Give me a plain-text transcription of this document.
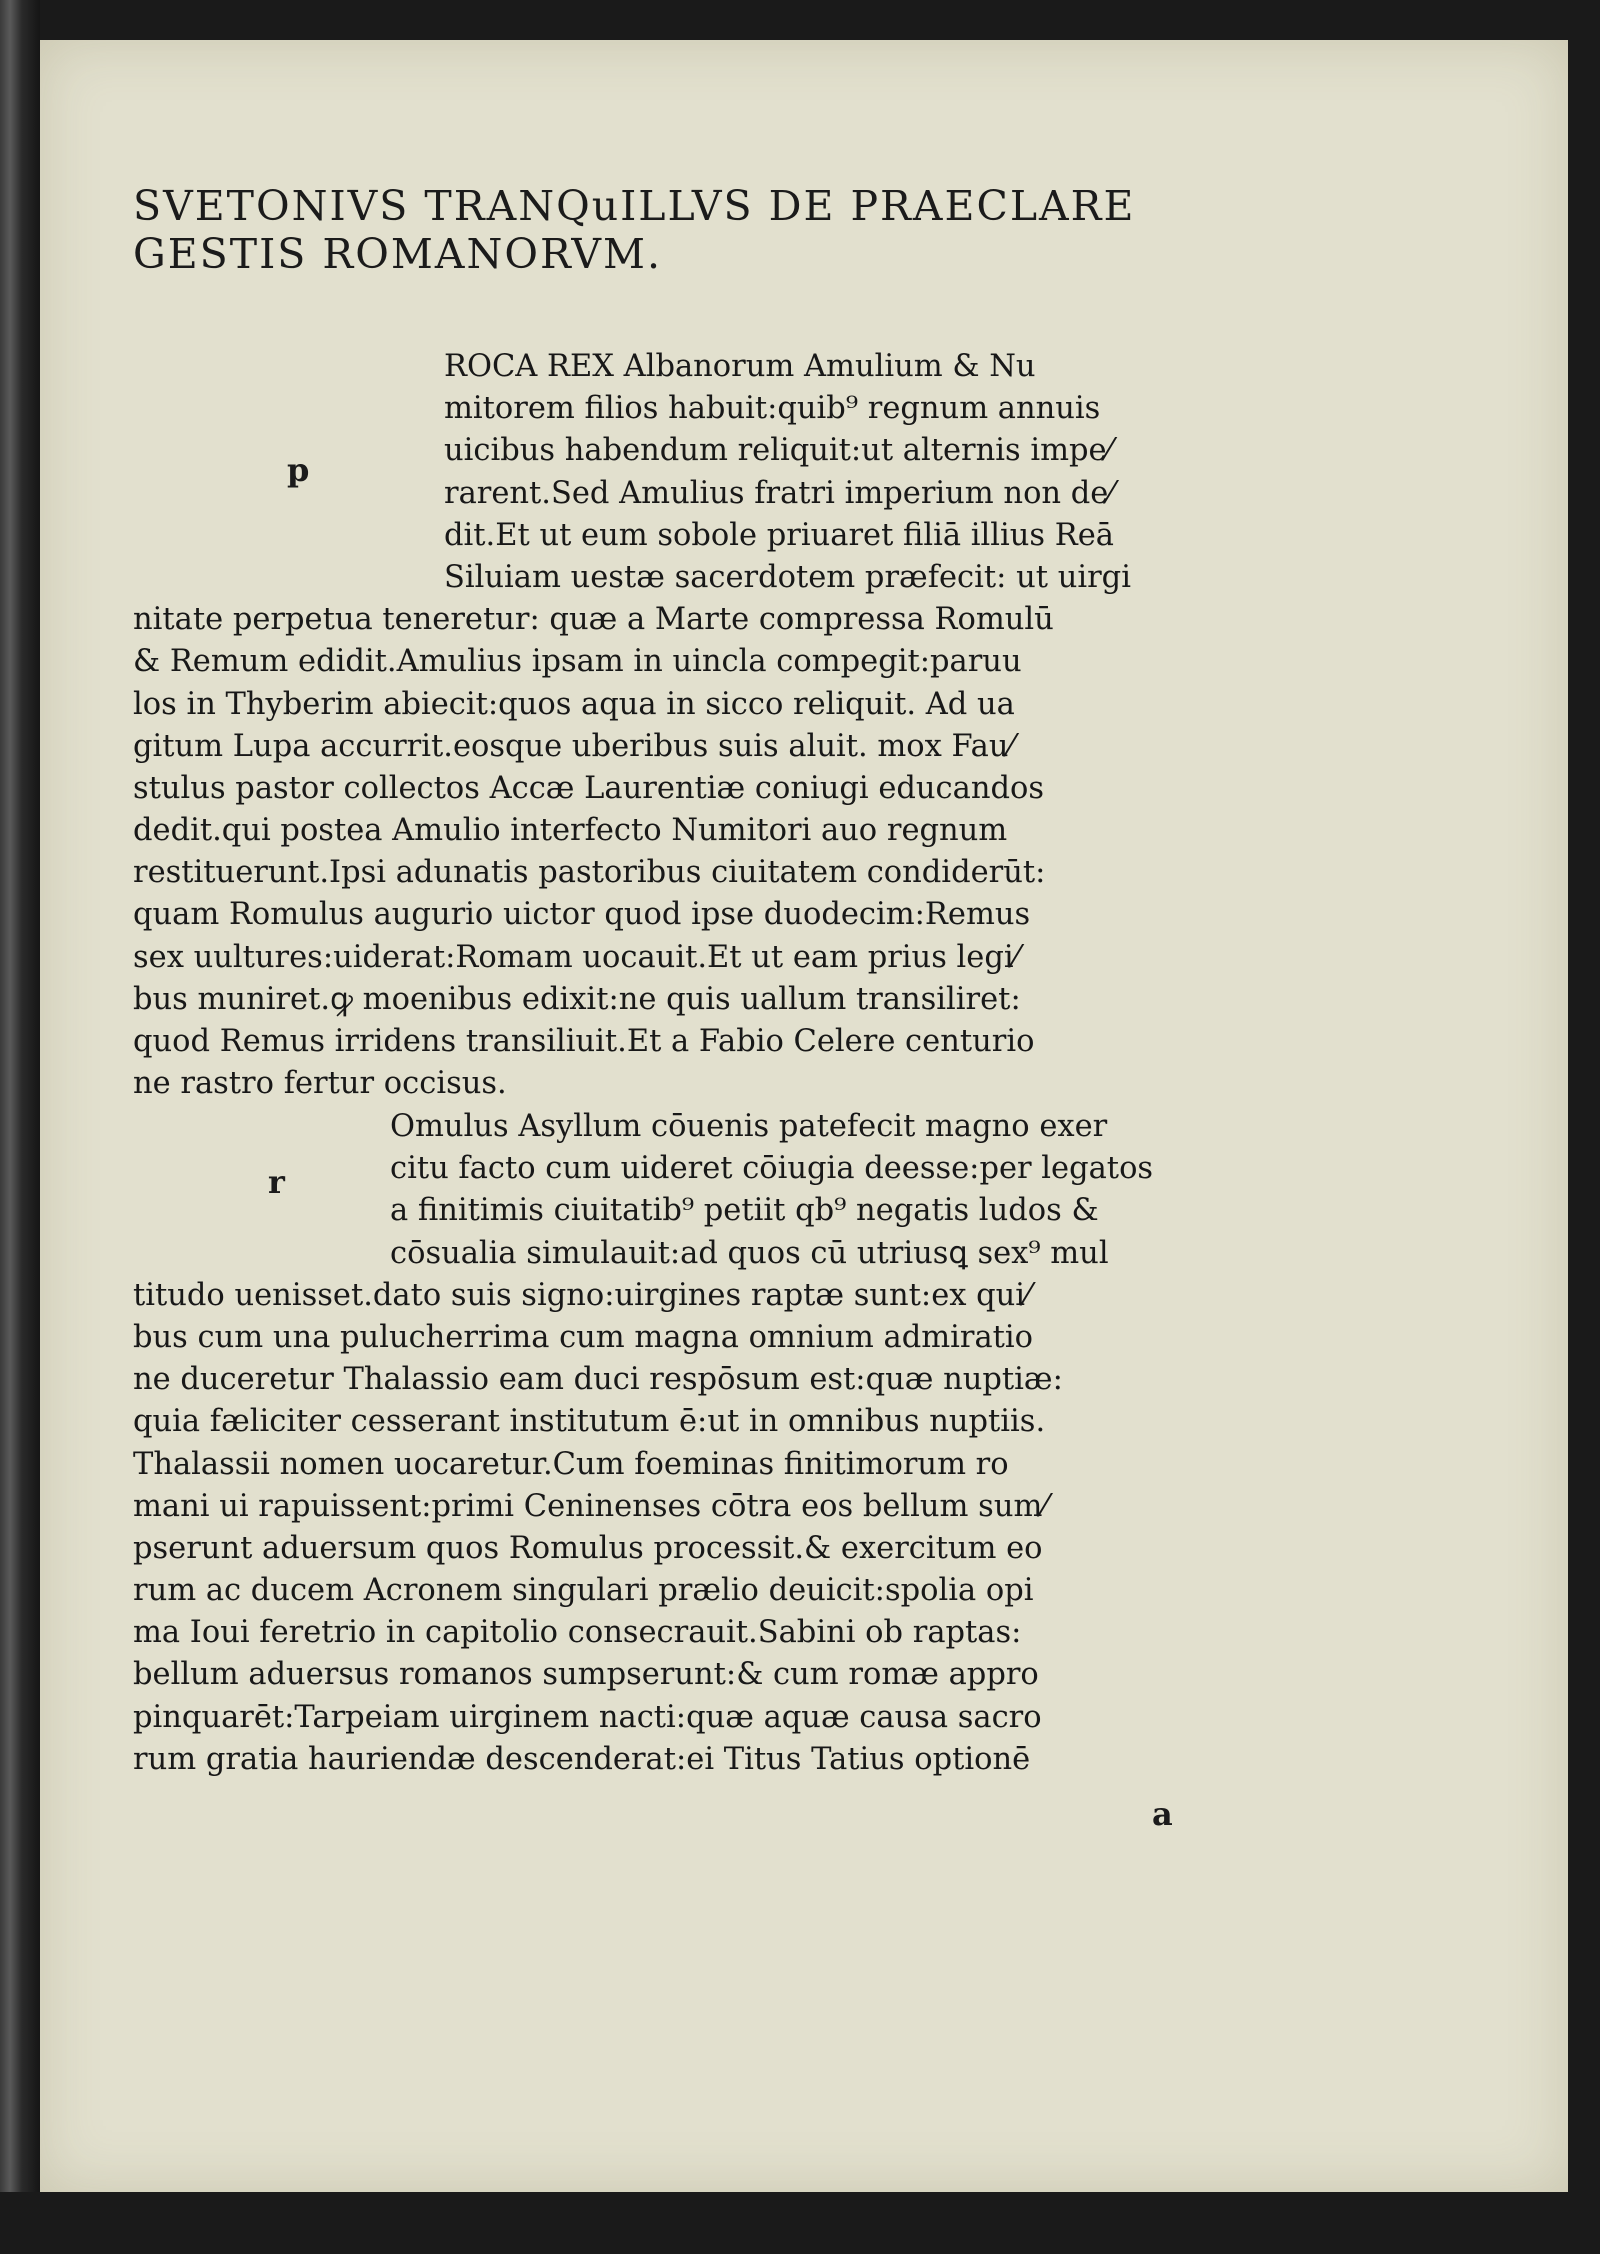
SVETONIVS TRANQuILLVS DE PRAECLARE
GESTIS ROMANORVM.
p
r
ROCA REX Albanorum Amulium & Nu
mitorem filios habuit:quib⁹ regnum annuis
uicibus habendum reliquit:ut alternis impe⁄
rarent.Sed Amulius fratri imperium non de⁄
dit.Et ut eum sobole priuaret filiā illius Reā
Siluiam uestæ sacerdotem præfecit: ut uirgi
nitate perpetua teneretur: quæ a Marte compressa Romulū
& Remum edidit.Amulius ipsam in uincla compegit:paruu
los in Thyberim abiecit:quos aqua in sicco reliquit. Ad ua
gitum Lupa accurrit.eosque uberibus suis aluit. mox Fau⁄
stulus pastor collectos Accæ Laurentiæ coniugi educandos
dedit.qui postea Amulio interfecto Numitori auo regnum
restituerunt.Ipsi adunatis pastoribus ciuitatem condiderūt:
quam Romulus augurio uictor quod ipse duodecim:Remus
sex uultures:uiderat:Romam uocauit.Et ut eam prius legi⁄
bus muniret.ꝙ moenibus edixit:ne quis uallum transiliret:
quod Remus irridens transiliuit.Et a Fabio Celere centurio
ne rastro fertur occisus.
Omulus Asyllum cōuenis patefecit magno exer
citu facto cum uideret cōiugia deesse:per legatos
a finitimis ciuitatib⁹ petiit qb⁹ negatis ludos &
cōsualia simulauit:ad quos cū utriusꝗ sex⁹ mul
titudo uenisset.dato suis signo:uirgines raptæ sunt:ex qui⁄
bus cum una pulucherrima cum magna omnium admiratio
ne duceretur Thalassio eam duci respōsum est:quæ nuptiæ:
quia fæliciter cesserant institutum ē:ut in omnibus nuptiis.
Thalassii nomen uocaretur.Cum foeminas finitimorum ro
mani ui rapuissent:primi Ceninenses cōtra eos bellum sum⁄
pserunt aduersum quos Romulus processit.& exercitum eo
rum ac ducem Acronem singulari prælio deuicit:spolia opi
ma Ioui feretrio in capitolio consecrauit.Sabini ob raptas:
bellum aduersus romanos sumpserunt:& cum romæ appro
pinquarēt:Tarpeiam uirginem nacti:quæ aquæ causa sacro
rum gratia hauriendæ descenderat:ei Titus Tatius optionē
a
